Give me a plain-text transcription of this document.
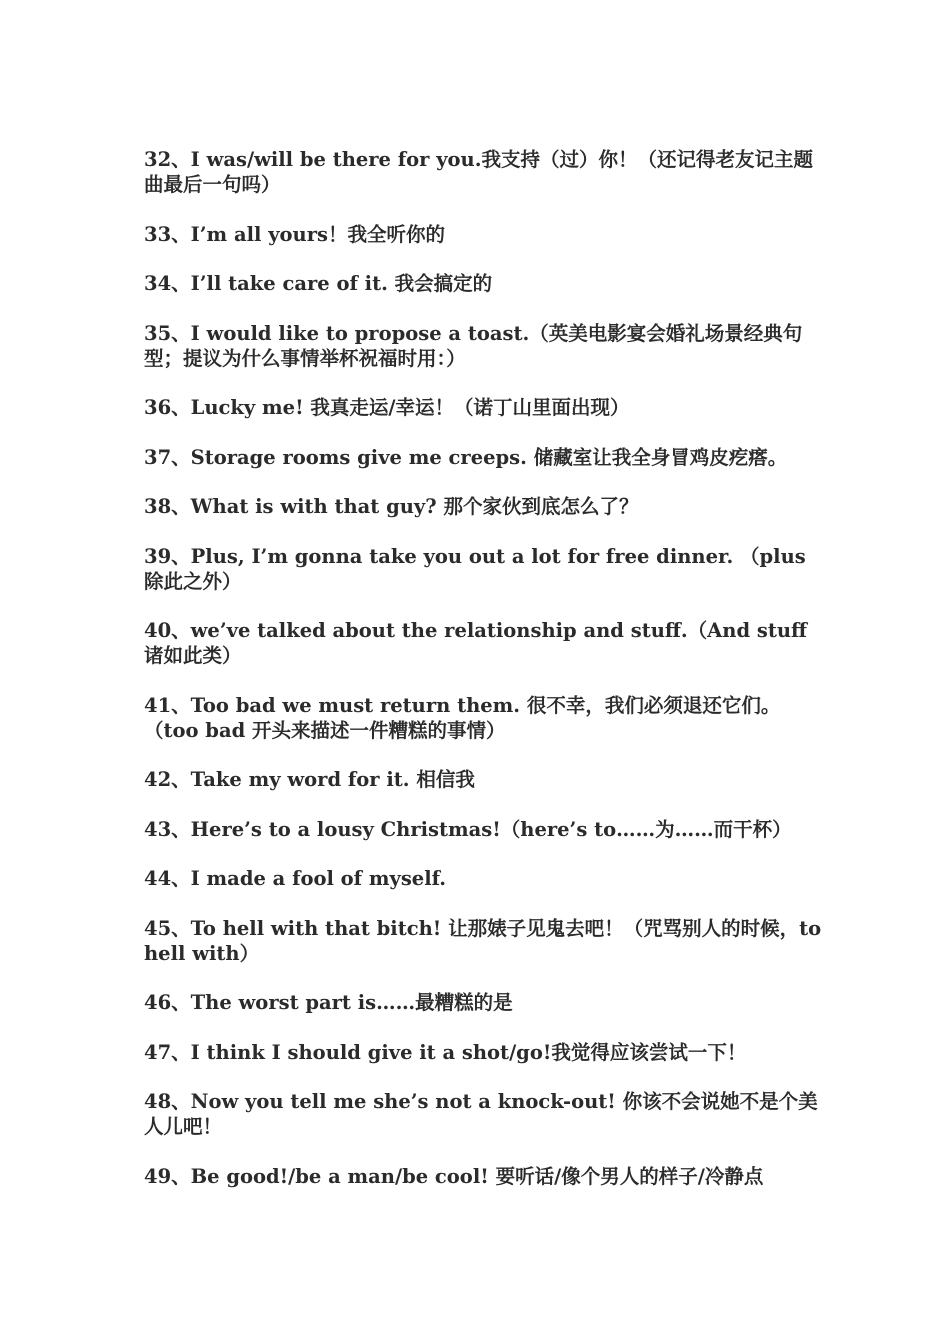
32、I was/will be there for you.我支持（过）你！（还记得老友记主题曲最后一句吗）

33、I’m all yours！我全听你的

34、I’ll take care of it. 我会搞定的

35、I would like to propose a toast.（英美电影宴会婚礼场景经典句型；提议为什么事情举杯祝福时用：）

36、Lucky me! 我真走运/幸运！（诺丁山里面出现）

37、Storage rooms give me creeps. 储藏室让我全身冒鸡皮疙瘩。

38、What is with that guy? 那个家伙到底怎么了？

39、Plus, I’m gonna take you out a lot for free dinner. （plus 除此之外）

40、we’ve talked about the relationship and stuff.（And stuff 诸如此类）

41、Too bad we must return them. 很不幸，我们必须退还它们。（too bad 开头来描述一件糟糕的事情）

42、Take my word for it. 相信我

43、Here’s to a lousy Christmas!（here’s to……为……而干杯）

44、I made a fool of myself.

45、To hell with that bitch! 让那婊子见鬼去吧！（咒骂别人的时候，to hell with）

46、The worst part is……最糟糕的是

47、I think I should give it a shot/go!我觉得应该尝试一下！

48、Now you tell me she’s not a knock-out! 你该不会说她不是个美人儿吧！

49、Be good!/be a man/be cool! 要听话/像个男人的样子/冷静点
